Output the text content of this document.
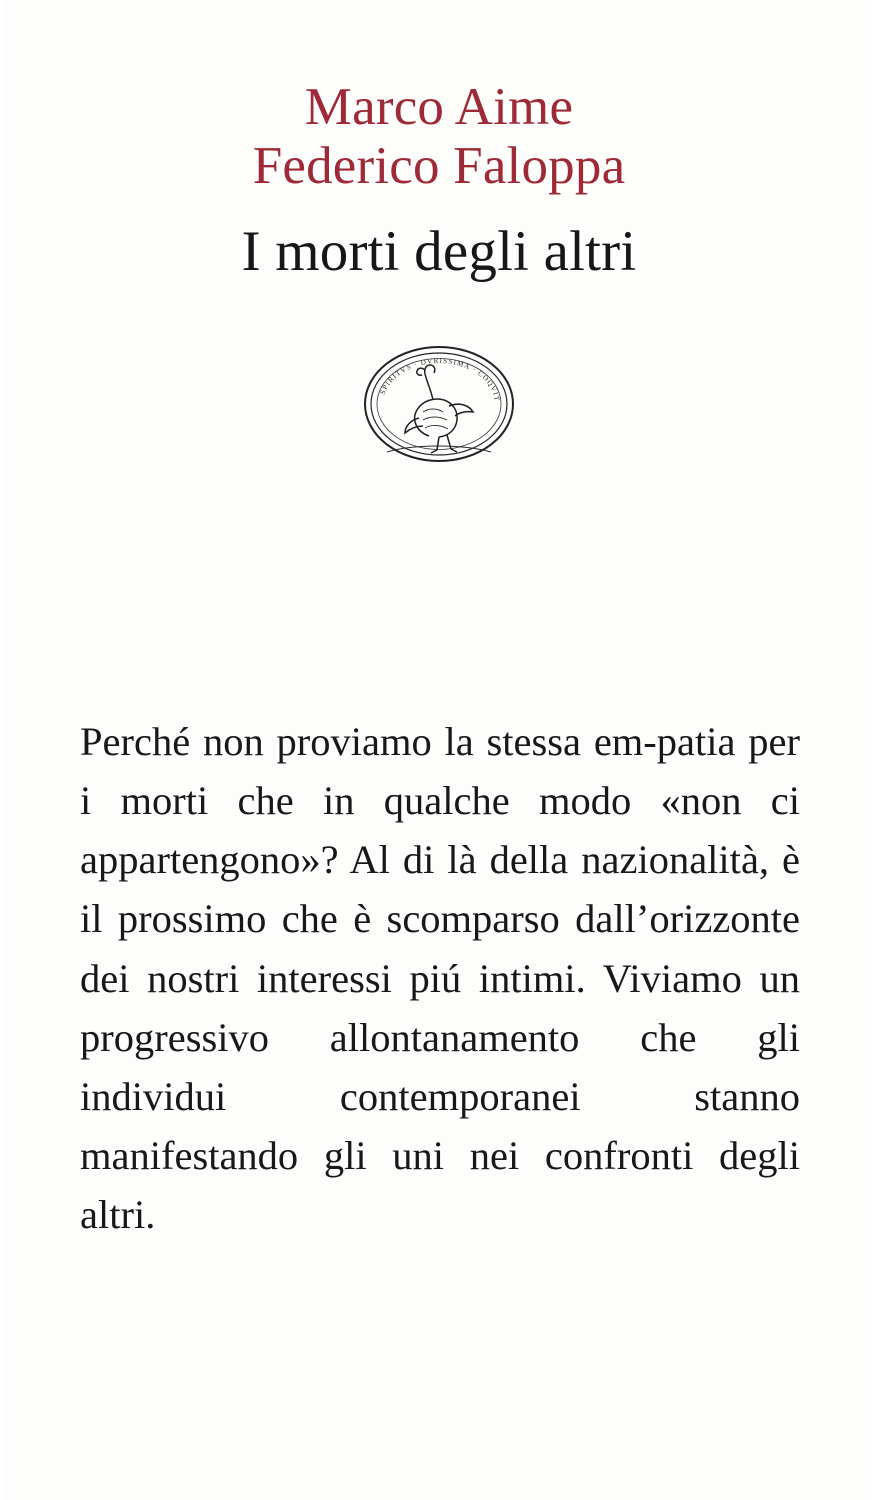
Marco Aime
Federico Faloppa
I morti degli altri
SPIRITVS · DVRISSIMA · COQVIT

Perché non proviamo la stessa em-patia per i morti che in qualche modo «non ci appartengono»? Al di là della nazionalità, è il prossimo che è scomparso dall’orizzonte dei nostri interessi piú intimi. Viviamo un progressivo allontanamento che gli individui contemporanei stanno manifestando gli uni nei confronti degli altri.
